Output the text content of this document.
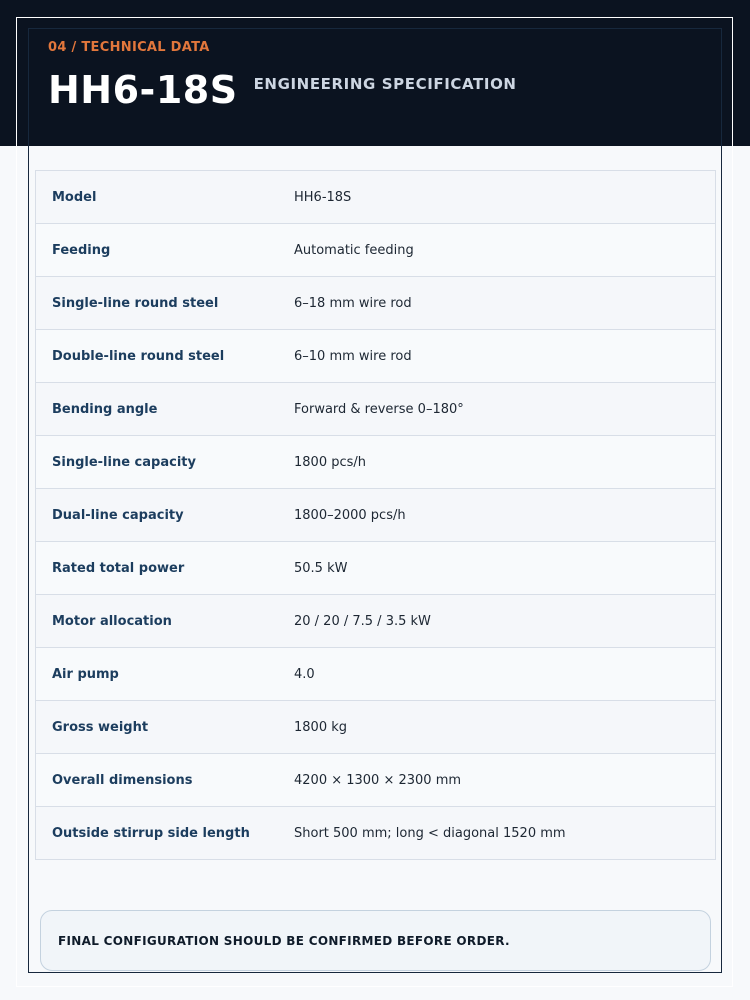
04 / TECHNICAL DATA
HH6-18S ENGINEERING SPECIFICATION
Model	HH6-18S
Feeding	Automatic feeding
Single-line round steel	6–18 mm wire rod
Double-line round steel	6–10 mm wire rod
Bending angle	Forward & reverse 0–180°
Single-line capacity	1800 pcs/h
Dual-line capacity	1800–2000 pcs/h
Rated total power	50.5 kW
Motor allocation	20 / 20 / 7.5 / 3.5 kW
Air pump	4.0
Gross weight	1800 kg
Overall dimensions	4200 × 1300 × 2300 mm
Outside stirrup side length	Short 500 mm; long < diagonal 1520 mm
FINAL CONFIGURATION SHOULD BE CONFIRMED BEFORE ORDER.
